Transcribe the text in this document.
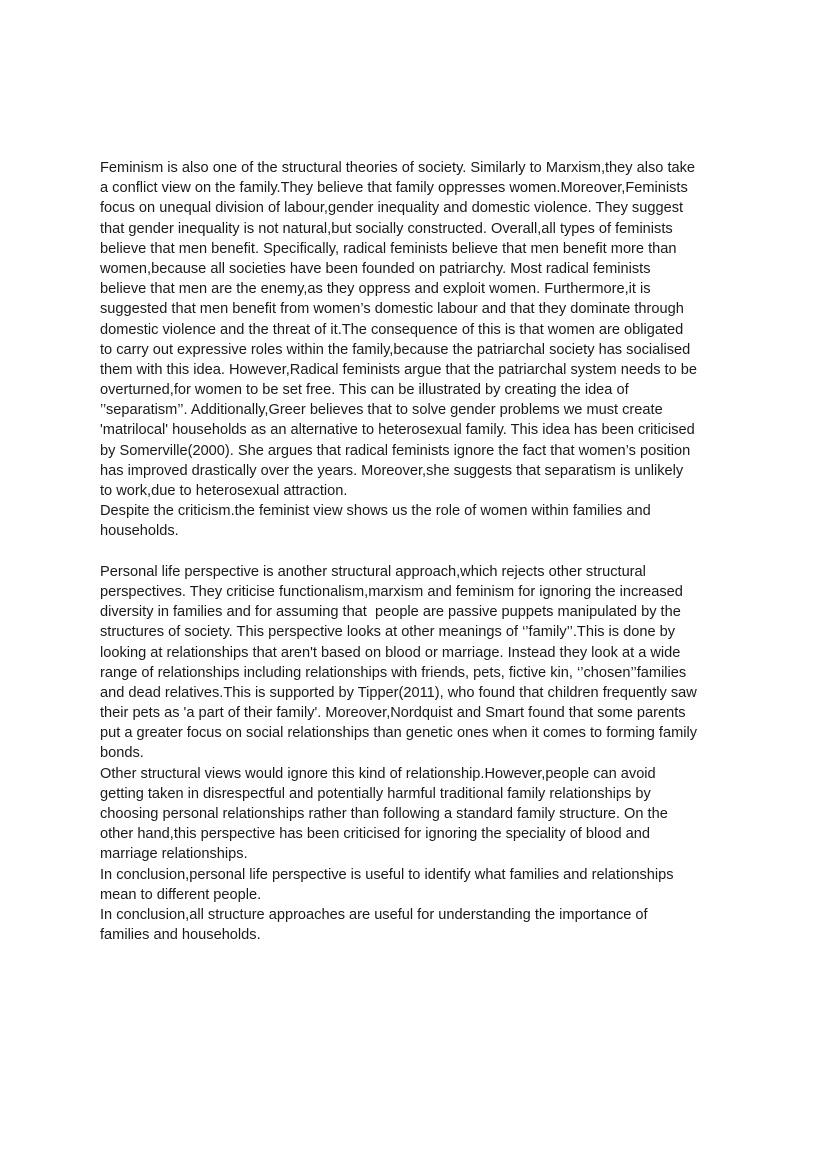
Feminism is also one of the structural theories of society. Similarly to Marxism,they also take
a conflict view on the family.They believe that family oppresses women.Moreover,Feminists
focus on unequal division of labour,gender inequality and domestic violence. They suggest
that gender inequality is not natural,but socially constructed. Overall,all types of feminists
believe that men benefit. Specifically, radical feminists believe that men benefit more than
women,because all societies have been founded on patriarchy. Most radical feminists
believe that men are the enemy,as they oppress and exploit women. Furthermore,it is
suggested that men benefit from women’s domestic labour and that they dominate through
domestic violence and the threat of it.The consequence of this is that women are obligated
to carry out expressive roles within the family,because the patriarchal society has socialised
them with this idea. However,Radical feminists argue that the patriarchal system needs to be
overturned,for women to be set free. This can be illustrated by creating the idea of
’’separatism’’. Additionally,Greer believes that to solve gender problems we must create
'matrilocal' households as an alternative to heterosexual family. This idea has been criticised
by Somerville(2000). She argues that radical feminists ignore the fact that women’s position
has improved drastically over the years. Moreover,she suggests that separatism is unlikely
to work,due to heterosexual attraction.
Despite the criticism.the feminist view shows us the role of women within families and
households.
Personal life perspective is another structural approach,which rejects other structural
perspectives. They criticise functionalism,marxism and feminism for ignoring the increased
diversity in families and for assuming that  people are passive puppets manipulated by the
structures of society. This perspective looks at other meanings of ‘’family’’.This is done by
looking at relationships that aren't based on blood or marriage. Instead they look at a wide
range of relationships including relationships with friends, pets, fictive kin, ‘’chosen’’families
and dead relatives.This is supported by Tipper(2011), who found that children frequently saw
their pets as 'a part of their family'. Moreover,Nordquist and Smart found that some parents
put a greater focus on social relationships than genetic ones when it comes to forming family
bonds.
Other structural views would ignore this kind of relationship.However,people can avoid
getting taken in disrespectful and potentially harmful traditional family relationships by
choosing personal relationships rather than following a standard family structure. On the
other hand,this perspective has been criticised for ignoring the speciality of blood and
marriage relationships.
In conclusion,personal life perspective is useful to identify what families and relationships
mean to different people.
In conclusion,all structure approaches are useful for understanding the importance of
families and households.
